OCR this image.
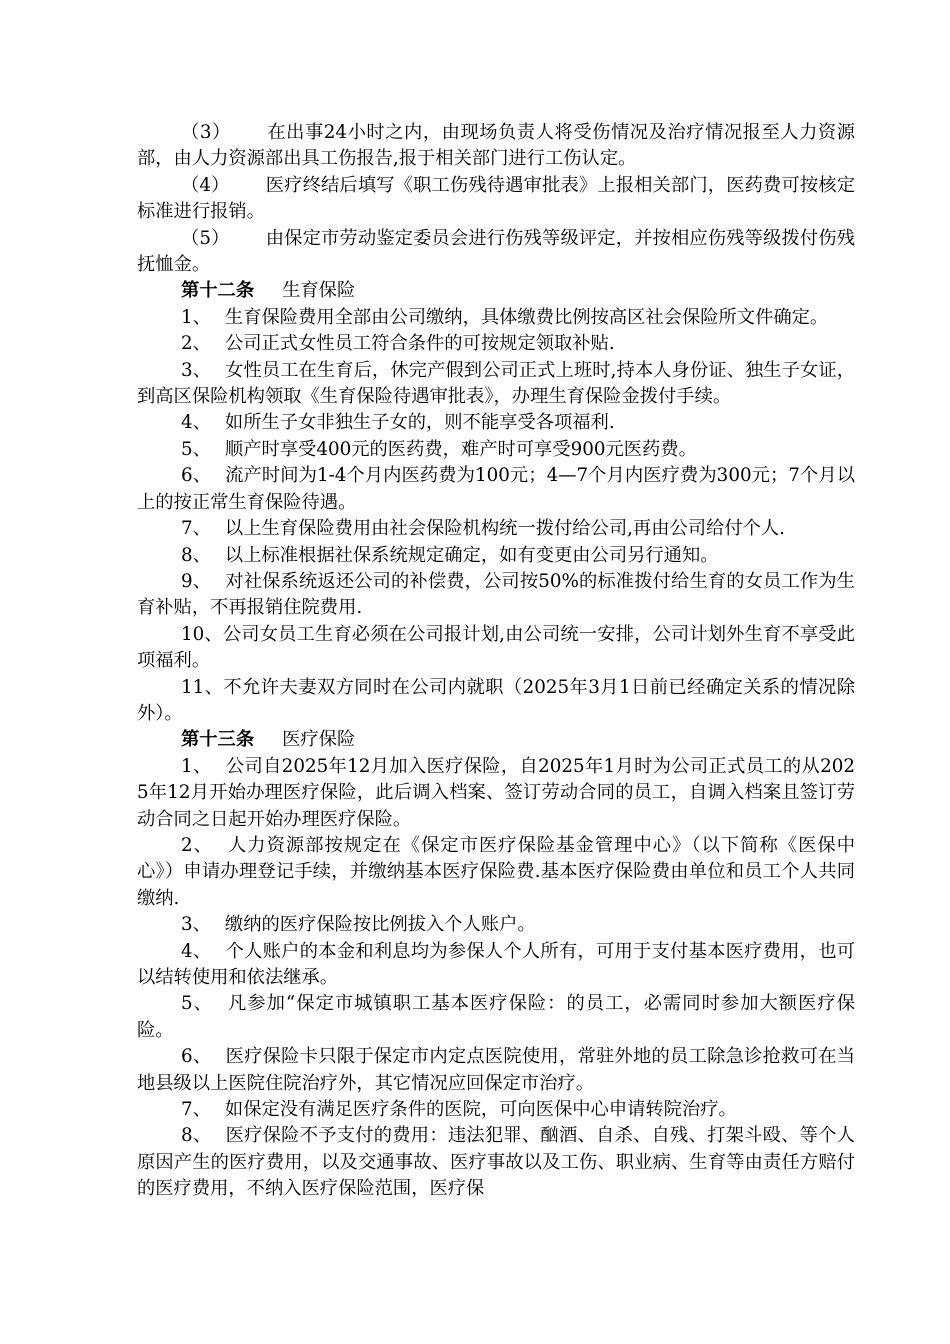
（3） 在出事24小时之内，由现场负责人将受伤情况及治疗情况报至人力资源部，由人力资源部出具工伤报告,报于相关部门进行工伤认定。

（4） 医疗终结后填写《职工伤残待遇审批表》上报相关部门，医药费可按核定标准进行报销。

（5） 由保定市劳动鉴定委员会进行伤残等级评定，并按相应伤残等级拨付伤残抚恤金。

第十二条 生育保险

1、 生育保险费用全部由公司缴纳，具体缴费比例按高区社会保险所文件确定。

2、 公司正式女性员工符合条件的可按规定领取补贴.

3、 女性员工在生育后，休完产假到公司正式上班时,持本人身份证、独生子女证，到高区保险机构领取《生育保险待遇审批表》，办理生育保险金拨付手续。

4、 如所生子女非独生子女的，则不能享受各项福利.

5、 顺产时享受400元的医药费，难产时可享受900元医药费。

6、 流产时间为1-4个月内医药费为100元；4—7个月内医疗费为300元；7个月以上的按正常生育保险待遇。

7、 以上生育保险费用由社会保险机构统一拨付给公司,再由公司给付个人.

8、 以上标准根据社保系统规定确定，如有变更由公司另行通知。

9、 对社保系统返还公司的补偿费，公司按50%的标准拨付给生育的女员工作为生育补贴，不再报销住院费用.

10、公司女员工生育必须在公司报计划,由公司统一安排，公司计划外生育不享受此项福利。

11、不允许夫妻双方同时在公司内就职（2025年3月1日前已经确定关系的情况除外）。

第十三条 医疗保险

1、 公司自2025年12月加入医疗保险，自2025年1月时为公司正式员工的从2025年12月开始办理医疗保险，此后调入档案、签订劳动合同的员工，自调入档案且签订劳动合同之日起开始办理医疗保险。

2、 人力资源部按规定在《保定市医疗保险基金管理中心》（以下简称《医保中心》）申请办理登记手续，并缴纳基本医疗保险费.基本医疗保险费由单位和员工个人共同缴纳.

3、 缴纳的医疗保险按比例拔入个人账户。

4、 个人账户的本金和利息均为参保人个人所有，可用于支付基本医疗费用，也可以结转使用和依法继承。

5、 凡参加“保定市城镇职工基本医疗保险：的员工，必需同时参加大额医疗保险。

6、 医疗保险卡只限于保定市内定点医院使用，常驻外地的员工除急诊抢救可在当地县级以上医院住院治疗外，其它情况应回保定市治疗。

7、 如保定没有满足医疗条件的医院，可向医保中心申请转院治疗。

8、 医疗保险不予支付的费用：违法犯罪、酗酒、自杀、自残、打架斗殴、等个人原因产生的医疗费用，以及交通事故、医疗事故以及工伤、职业病、生育等由责任方赔付的医疗费用，不纳入医疗保险范围，医疗保
